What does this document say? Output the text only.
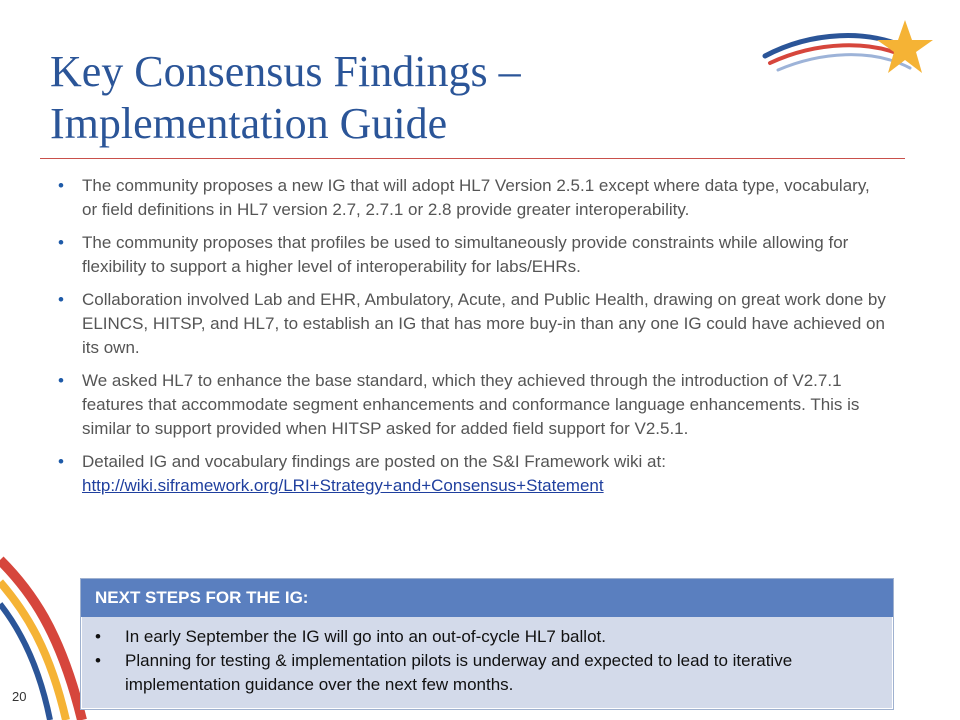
Key Consensus Findings –
Implementation Guide
• The community proposes a new IG that will adopt HL7 Version 2.5.1 except where data type, vocabulary, or field definitions in HL7 version 2.7, 2.7.1 or 2.8 provide greater interoperability.
• The community proposes that profiles be used to simultaneously provide constraints while allowing for flexibility to support a higher level of interoperability for labs/EHRs.
• Collaboration involved Lab and EHR, Ambulatory, Acute, and Public Health, drawing on great work done by ELINCS, HITSP, and HL7, to establish an IG that has more buy-in than any one IG could have achieved on its own.
• We asked HL7 to enhance the base standard, which they achieved through the introduction of V2.7.1 features that accommodate segment enhancements and conformance language enhancements. This is similar to support provided when HITSP asked for added field support for V2.5.1.
• Detailed IG and vocabulary findings are posted on the S&I Framework wiki at:
http://wiki.siframework.org/LRI+Strategy+and+Consensus+Statement
NEXT STEPS FOR THE IG:
• In early September the IG will go into an out-of-cycle HL7 ballot.
• Planning for testing & implementation pilots is underway and expected to lead to iterative implementation guidance over the next few months.
20
